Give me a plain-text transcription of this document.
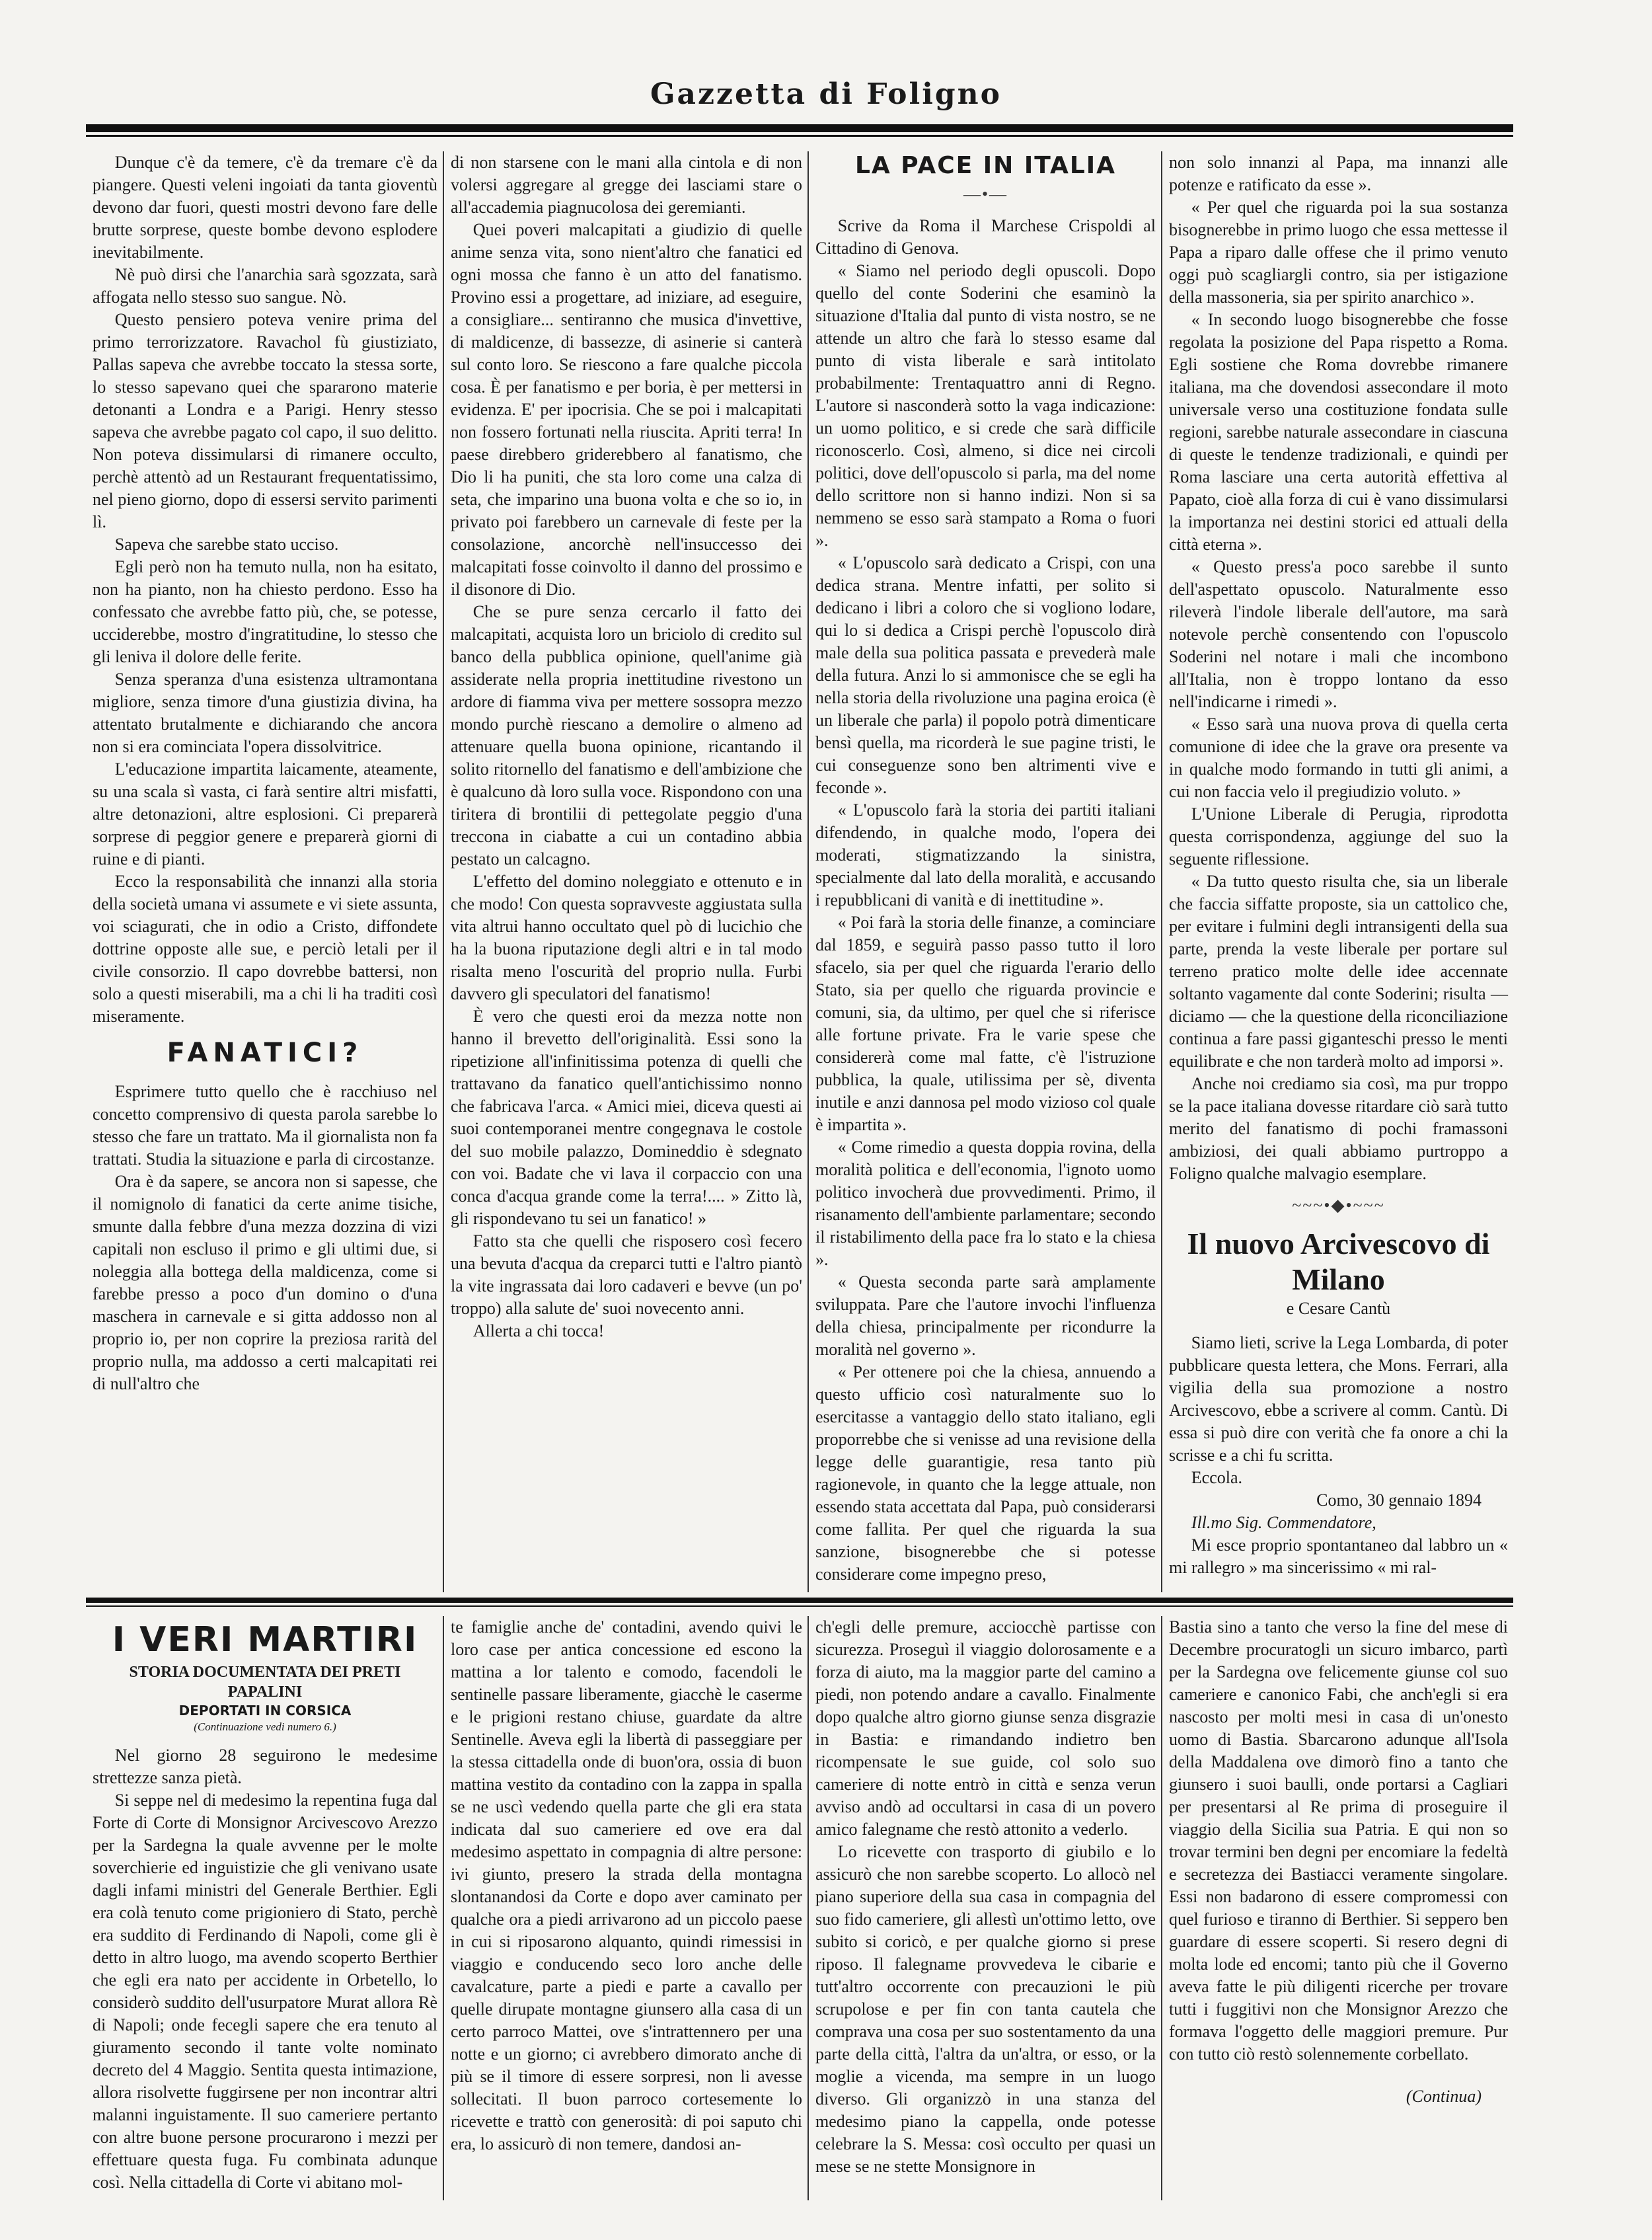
Gazzetta di Foligno

Dunque c'è da temere, c'è da tremare c'è da piangere. Questi veleni ingoiati da tanta gioventù devono dar fuori, questi mostri devono fare delle brutte sorprese, queste bombe devono esplodere inevitabilmente.

Nè può dirsi che l'anarchia sarà sgozzata, sarà affogata nello stesso suo sangue. Nò.

Questo pensiero poteva venire prima del primo terrorizzatore. Ravachol fù giustiziato, Pallas sapeva che avrebbe toccato la stessa sorte, lo stesso sapevano quei che spararono materie detonanti a Londra e a Parigi. Henry stesso sapeva che avrebbe pagato col capo, il suo delitto. Non poteva dissimularsi di rimanere occulto, perchè attentò ad un Restaurant frequentatissimo, nel pieno giorno, dopo di essersi servito parimenti lì.

Sapeva che sarebbe stato ucciso.

Egli però non ha temuto nulla, non ha esitato, non ha pianto, non ha chiesto perdono. Esso ha confessato che avrebbe fatto più, che, se potesse, ucciderebbe, mostro d'ingratitudine, lo stesso che gli leniva il dolore delle ferite.

Senza speranza d'una esistenza ultramontana migliore, senza timore d'una giustizia divina, ha attentato brutalmente e dichiarando che ancora non si era cominciata l'opera dissolvitrice.

L'educazione impartita laicamente, ateamente, su una scala sì vasta, ci farà sentire altri misfatti, altre detonazioni, altre esplosioni. Ci preparerà sorprese di peggior genere e preparerà giorni di ruine e di pianti.

Ecco la responsabilità che innanzi alla storia della società umana vi assumete e vi siete assunta, voi sciagurati, che in odio a Cristo, diffondete dottrine opposte alle sue, e perciò letali per il civile consorzio. Il capo dovrebbe battersi, non solo a questi miserabili, ma a chi li ha traditi così miseramente.

FANATICI?

Esprimere tutto quello che è racchiuso nel concetto comprensivo di questa parola sarebbe lo stesso che fare un trattato. Ma il giornalista non fa trattati. Studia la situazione e parla di circostanze.

Ora è da sapere, se ancora non si sapesse, che il nomignolo di fanatici da certe anime tisiche, smunte dalla febbre d'una mezza dozzina di vizi capitali non escluso il primo e gli ultimi due, si noleggia alla bottega della maldicenza, come si farebbe presso a poco d'un domino o d'una maschera in carnevale e si gitta addosso non al proprio io, per non coprire la preziosa rarità del proprio nulla, ma addosso a certi malcapitati rei di null'altro che

di non starsene con le mani alla cintola e di non volersi aggregare al gregge dei lasciami stare o all'accademia piagnucolosa dei geremianti.

Quei poveri malcapitati a giudizio di quelle anime senza vita, sono nient'altro che fanatici ed ogni mossa che fanno è un atto del fanatismo. Provino essi a progettare, ad iniziare, ad eseguire, a consigliare... sentiranno che musica d'invettive, di maldicenze, di bassezze, di asinerie si canterà sul conto loro. Se riescono a fare qualche piccola cosa. È per fanatismo e per boria, è per mettersi in evidenza. E' per ipocrisia. Che se poi i malcapitati non fossero fortunati nella riuscita. Apriti terra! In paese direbbero griderebbero al fanatismo, che Dio li ha puniti, che sta loro come una calza di seta, che imparino una buona volta e che so io, in privato poi farebbero un carnevale di feste per la consolazione, ancorchè nell'insuccesso dei malcapitati fosse coinvolto il danno del prossimo e il disonore di Dio.

Che se pure senza cercarlo il fatto dei malcapitati, acquista loro un briciolo di credito sul banco della pubblica opinione, quell'anime già assiderate nella propria inettitudine rivestono un ardore di fiamma viva per mettere sossopra mezzo mondo purchè riescano a demolire o almeno ad attenuare quella buona opinione, ricantando il solito ritornello del fanatismo e dell'ambizione che è qualcuno dà loro sulla voce. Rispondono con una tiritera di brontilii di pettegolate peggio d'una treccona in ciabatte a cui un contadino abbia pestato un calcagno.

L'effetto del domino noleggiato e ottenuto e in che modo! Con questa sopravveste aggiustata sulla vita altrui hanno occultato quel pò di lucichio che ha la buona riputazione degli altri e in tal modo risalta meno l'oscurità del proprio nulla. Furbi davvero gli speculatori del fanatismo!

È vero che questi eroi da mezza notte non hanno il brevetto dell'originalità. Essi sono la ripetizione all'infinitissima potenza di quelli che trattavano da fanatico quell'antichissimo nonno che fabricava l'arca. « Amici miei, diceva questi ai suoi contemporanei mentre congegnava le costole del suo mobile palazzo, Domineddio è sdegnato con voi. Badate che vi lava il corpaccio con una conca d'acqua grande come la terra!.... » Zitto là, gli rispondevano tu sei un fanatico! »

Fatto sta che quelli che risposero così fecero una bevuta d'acqua da creparci tutti e l'altro piantò la vite ingrassata dai loro cadaveri e bevve (un po' troppo) alla salute de' suoi novecento anni.

Allerta a chi tocca!

LA PACE IN ITALIA
—•—

Scrive da Roma il Marchese Crispoldi al Cittadino di Genova.

« Siamo nel periodo degli opuscoli. Dopo quello del conte Soderini che esaminò la situazione d'Italia dal punto di vista nostro, se ne attende un altro che farà lo stesso esame dal punto di vista liberale e sarà intitolato probabilmente: Trentaquattro anni di Regno. L'autore si nasconderà sotto la vaga indicazione: un uomo politico, e si crede che sarà difficile riconoscerlo. Così, almeno, si dice nei circoli politici, dove dell'opuscolo si parla, ma del nome dello scrittore non si hanno indizi. Non si sa nemmeno se esso sarà stampato a Roma o fuori ».

« L'opuscolo sarà dedicato a Crispi, con una dedica strana. Mentre infatti, per solito si dedicano i libri a coloro che si vogliono lodare, qui lo si dedica a Crispi perchè l'opuscolo dirà male della sua politica passata e prevederà male della futura. Anzi lo si ammonisce che se egli ha nella storia della rivoluzione una pagina eroica (è un liberale che parla) il popolo potrà dimenticare bensì quella, ma ricorderà le sue pagine tristi, le cui conseguenze sono ben altrimenti vive e feconde ».

« L'opuscolo farà la storia dei partiti italiani difendendo, in qualche modo, l'opera dei moderati, stigmatizzando la sinistra, specialmente dal lato della moralità, e accusando i repubblicani di vanità e di inettitudine ».

« Poi farà la storia delle finanze, a cominciare dal 1859, e seguirà passo passo tutto il loro sfacelo, sia per quel che riguarda l'erario dello Stato, sia per quello che riguarda provincie e comuni, sia, da ultimo, per quel che si riferisce alle fortune private. Fra le varie spese che considererà come mal fatte, c'è l'istruzione pubblica, la quale, utilissima per sè, diventa inutile e anzi dannosa pel modo vizioso col quale è impartita ».

« Come rimedio a questa doppia rovina, della moralità politica e dell'economia, l'ignoto uomo politico invocherà due provvedimenti. Primo, il risanamento dell'ambiente parlamentare; secondo il ristabilimento della pace fra lo stato e la chiesa ».

« Questa seconda parte sarà amplamente sviluppata. Pare che l'autore invochi l'influenza della chiesa, principalmente per ricondurre la moralità nel governo ».

« Per ottenere poi che la chiesa, annuendo a questo ufficio così naturalmente suo lo esercitasse a vantaggio dello stato italiano, egli proporrebbe che si venisse ad una revisione della legge delle guarantigie, resa tanto più ragionevole, in quanto che la legge attuale, non essendo stata accettata dal Papa, può considerarsi come fallita. Per quel che riguarda la sua sanzione, bisognerebbe che si potesse considerare come impegno preso,

non solo innanzi al Papa, ma innanzi alle potenze e ratificato da esse ».

« Per quel che riguarda poi la sua sostanza bisognerebbe in primo luogo che essa mettesse il Papa a riparo dalle offese che il primo venuto oggi può scagliargli contro, sia per istigazione della massoneria, sia per spirito anarchico ».

« In secondo luogo bisognerebbe che fosse regolata la posizione del Papa rispetto a Roma. Egli sostiene che Roma dovrebbe rimanere italiana, ma che dovendosi assecondare il moto universale verso una costituzione fondata sulle regioni, sarebbe naturale assecondare in ciascuna di queste le tendenze tradizionali, e quindi per Roma lasciare una certa autorità effettiva al Papato, cioè alla forza di cui è vano dissimularsi la importanza nei destini storici ed attuali della città eterna ».

« Questo press'a poco sarebbe il sunto dell'aspettato opuscolo. Naturalmente esso rileverà l'indole liberale dell'autore, ma sarà notevole perchè consentendo con l'opuscolo Soderini nel notare i mali che incombono all'Italia, non è troppo lontano da esso nell'indicarne i rimedi ».

« Esso sarà una nuova prova di quella certa comunione di idee che la grave ora presente va in qualche modo formando in tutti gli animi, a cui non faccia velo il pregiudizio voluto. »

L'Unione Liberale di Perugia, riprodotta questa corrispondenza, aggiunge del suo la seguente riflessione.

« Da tutto questo risulta che, sia un liberale che faccia siffatte proposte, sia un cattolico che, per evitare i fulmini degli intransigenti della sua parte, prenda la veste liberale per portare sul terreno pratico molte delle idee accennate soltanto vagamente dal conte Soderini; risulta — diciamo — che la questione della riconciliazione continua a fare passi giganteschi presso le menti equilibrate e che non tarderà molto ad imporsi ».

Anche noi crediamo sia così, ma pur troppo se la pace italiana dovesse ritardare ciò sarà tutto merito del fanatismo di pochi framassoni ambiziosi, dei quali abbiamo purtroppo a Foligno qualche malvagio esemplare.

~~~•◆•~~~
Il nuovo Arcivescovo di Milano
e Cesare Cantù

Siamo lieti, scrive la Lega Lombarda, di poter pubblicare questa lettera, che Mons. Ferrari, alla vigilia della sua promozione a nostro Arcivescovo, ebbe a scrivere al comm. Cantù. Di essa si può dire con verità che fa onore a chi la scrisse e a chi fu scritta.

Eccola.

Como, 30 gennaio 1894

Ill.mo Sig. Commendatore,

Mi esce proprio spontantaneo dal labbro un « mi rallegro » ma sincerissimo « mi ral-

I VERI MARTIRI
STORIA DOCUMENTATA DEI PRETI PAPALINI
DEPORTATI IN CORSICA
(Continuazione vedi numero 6.)

Nel giorno 28 seguirono le medesime strettezze sanza pietà.

Si seppe nel di medesimo la repentina fuga dal Forte di Corte di Monsignor Arcivescovo Arezzo per la Sardegna la quale avvenne per le molte soverchierie ed inguistizie che gli venivano usate dagli infami ministri del Generale Berthier. Egli era colà tenuto come prigioniero di Stato, perchè era suddito di Ferdinando di Napoli, come gli è detto in altro luogo, ma avendo scoperto Berthier che egli era nato per accidente in Orbetello, lo considerò suddito dell'usurpatore Murat allora Rè di Napoli; onde fecegli sapere che era tenuto al giuramento secondo il tante volte nominato decreto del 4 Maggio. Sentita questa intimazione, allora risolvette fuggirsene per non incontrar altri malanni inguistamente. Il suo cameriere pertanto con altre buone persone procurarono i mezzi per effettuare questa fuga. Fu combinata adunque così. Nella cittadella di Corte vi abitano mol-

te famiglie anche de' contadini, avendo quivi le loro case per antica concessione ed escono la mattina a lor talento e comodo, facendoli le sentinelle passare liberamente, giacchè le caserme e le prigioni restano chiuse, guardate da altre Sentinelle. Aveva egli la libertà di passeggiare per la stessa cittadella onde di buon'ora, ossia di buon mattina vestito da contadino con la zappa in spalla se ne uscì vedendo quella parte che gli era stata indicata dal suo cameriere ed ove era dal medesimo aspettato in compagnia di altre persone: ivi giunto, presero la strada della montagna slontanandosi da Corte e dopo aver caminato per qualche ora a piedi arrivarono ad un piccolo paese in cui si riposarono alquanto, quindi rimessisi in viaggio e conducendo seco loro anche delle cavalcature, parte a piedi e parte a cavallo per quelle dirupate montagne giunsero alla casa di un certo parroco Mattei, ove s'intrattennero per una notte e un giorno; ci avrebbero dimorato anche di più se il timore di essere sorpresi, non li avesse sollecitati. Il buon parroco cortesemente lo ricevette e trattò con generosità: di poi saputo chi era, lo assicurò di non temere, dandosi an-

ch'egli delle premure, acciocchè partisse con sicurezza. Proseguì il viaggio dolorosamente e a forza di aiuto, ma la maggior parte del camino a piedi, non potendo andare a cavallo. Finalmente dopo qualche altro giorno giunse senza disgrazie in Bastia: e rimandando indietro ben ricompensate le sue guide, col solo suo cameriere di notte entrò in città e senza verun avviso andò ad occultarsi in casa di un povero amico falegname che restò attonito a vederlo.

Lo ricevette con trasporto di giubilo e lo assicurò che non sarebbe scoperto. Lo allocò nel piano superiore della sua casa in compagnia del suo fido cameriere, gli allestì un'ottimo letto, ove subito si coricò, e per qualche giorno si prese riposo. Il falegname provvedeva le cibarie e tutt'altro occorrente con precauzioni le più scrupolose e per fin con tanta cautela che comprava una cosa per suo sostentamento da una parte della città, l'altra da un'altra, or esso, or la moglie a vicenda, ma sempre in un luogo diverso. Gli organizzò in una stanza del medesimo piano la cappella, onde potesse celebrare la S. Messa: così occulto per quasi un mese se ne stette Monsignore in

Bastia sino a tanto che verso la fine del mese di Decembre procuratogli un sicuro imbarco, partì per la Sardegna ove felicemente giunse col suo cameriere e canonico Fabi, che anch'egli si era nascosto per molti mesi in casa di un'onesto uomo di Bastia. Sbarcarono adunque all'Isola della Maddalena ove dimorò fino a tanto che giunsero i suoi baulli, onde portarsi a Cagliari per presentarsi al Re prima di proseguire il viaggio della Sicilia sua Patria. E qui non so trovar termini ben degni per encomiare la fedeltà e secretezza dei Bastiacci veramente singolare. Essi non badarono di essere compromessi con quel furioso e tiranno di Berthier. Si seppero ben guardare di essere scoperti. Si resero degni di molta lode ed encomi; tanto più che il Governo aveva fatte le più diligenti ricerche per trovare tutti i fuggitivi non che Monsignor Arezzo che formava l'oggetto delle maggiori premure. Pur con tutto ciò restò solennemente corbellato.

(Continua)
